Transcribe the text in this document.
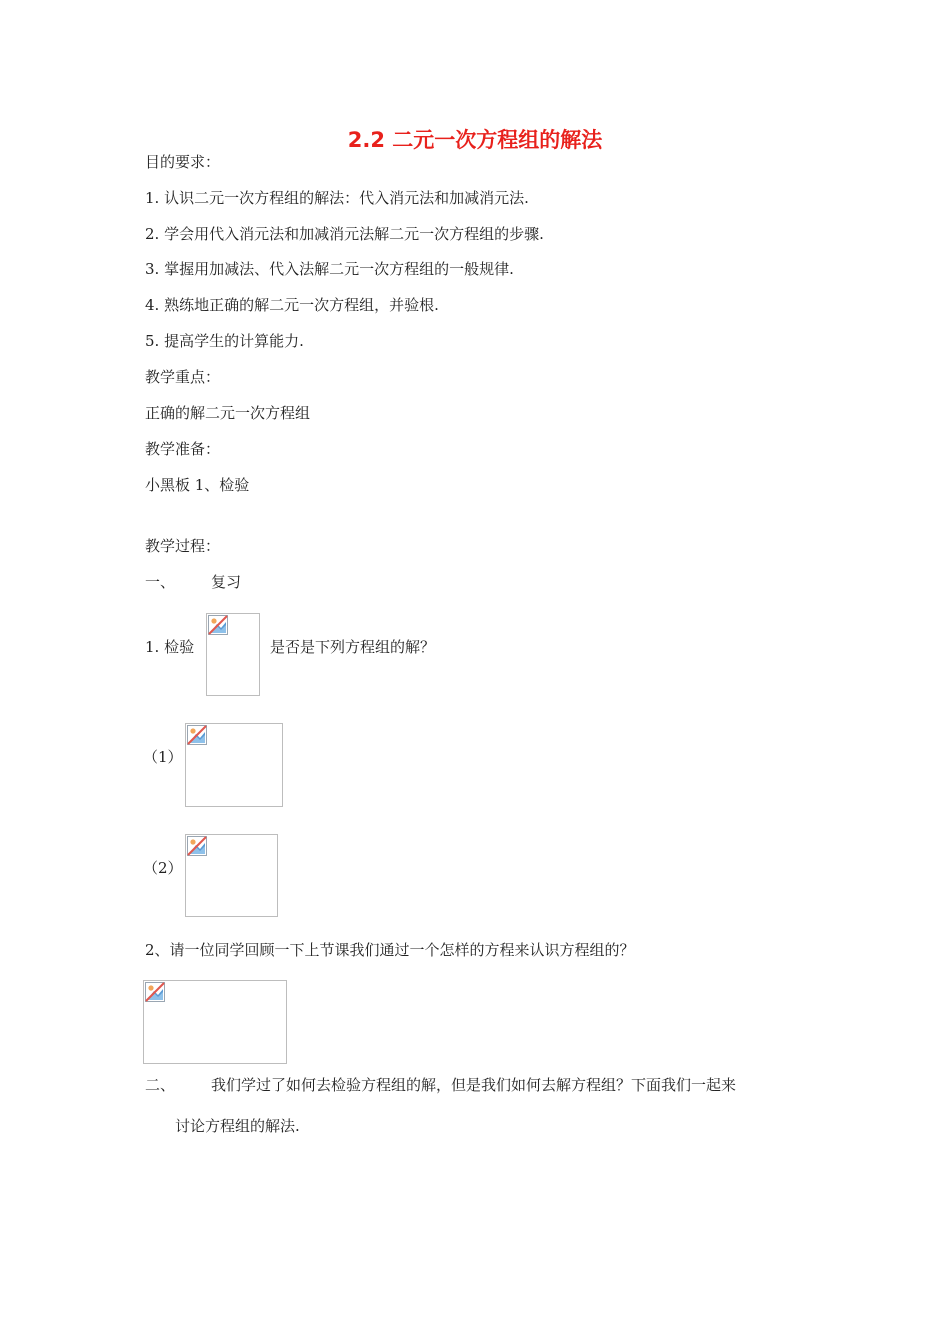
2.2 二元一次方程组的解法
目的要求：
1. 认识二元一次方程组的解法：代入消元法和加减消元法.
2. 学会用代入消元法和加减消元法解二元一次方程组的步骤.
3. 掌握用加减法、代入法解二元一次方程组的一般规律.
4. 熟练地正确的解二元一次方程组，并验根.
5. 提高学生的计算能力.
教学重点：
正确的解二元一次方程组
教学准备：
小黑板 1、检验
教学过程：
一、 复习
1. 检验	是否是下列方程组的解？
（1）
（2）
2、请一位同学回顾一下上节课我们通过一个怎样的方程来认识方程组的？
二、 我们学过了如何去检验方程组的解，但是我们如何去解方程组？下面我们一起来
讨论方程组的解法.
